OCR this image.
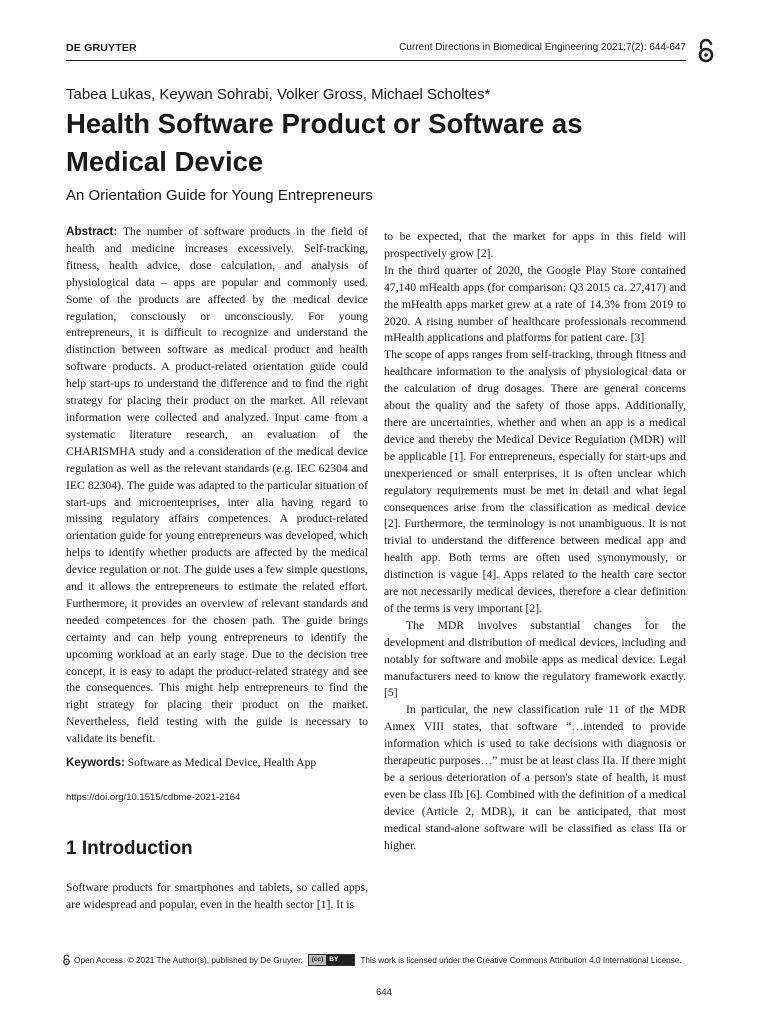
DE GRUYTER	Current Directions in Biomedical Engineering 2021;7(2): 644-647
Tabea Lukas, Keywan Sohrabi, Volker Gross, Michael Scholtes*
Health Software Product or Software as Medical Device
An Orientation Guide for Young Entrepreneurs

Abstract: The number of software products in the field of health and medicine increases excessively. Self-tracking, fitness, health advice, dose calculation, and analysis of physiological data – apps are popular and commonly used. Some of the products are affected by the medical device regulation, consciously or unconsciously. For young entrepreneurs, it is difficult to recognize and understand the distinction between software as medical product and health software products. A product-related orientation guide could help start-ups to understand the difference and to find the right strategy for placing their product on the market. All relevant information were collected and analyzed. Input came from a systematic literature research, an evaluation of the CHARISMHA study and a consideration of the medical device regulation as well as the relevant standards (e.g. IEC 62304 and IEC 82304). The guide was adapted to the particular situation of start-ups and microenterprises, inter alia having regard to missing regulatory affairs competences. A product-related orientation guide for young entrepreneurs was developed, which helps to identify whether products are affected by the medical device regulation or not. The guide uses a few simple questions, and it allows the entrepreneurs to estimate the related effort. Furthermore, it provides an overview of relevant standards and needed competences for the chosen path. The guide brings certainty and can help young entrepreneurs to identify the upcoming workload at an early stage. Due to the decision tree concept, it is easy to adapt the product-related strategy and see the consequences. This might help entrepreneurs to find the right strategy for placing their product on the market. Nevertheless, field testing with the guide is necessary to validate its benefit.

Keywords: Software as Medical Device, Health App
https://doi.org/10.1515/cdbme-2021-2164
1 Introduction

Software products for smartphones and tablets, so called apps, are widespread and popular, even in the health sector [1]. It is

to be expected, that the market for apps in this field will prospectively grow [2].

In the third quarter of 2020, the Google Play Store contained 47,140 mHealth apps (for comparison: Q3 2015 ca. 27,417) and the mHealth apps market grew at a rate of 14.3% from 2019 to 2020. A rising number of healthcare professionals recommend mHealth applications and platforms for patient care. [3]

The scope of apps ranges from self-tracking, through fitness and healthcare information to the analysis of physiological data or the calculation of drug dosages. There are general concerns about the quality and the safety of those apps. Additionally, there are uncertainties, whether and when an app is a medical device and thereby the Medical Device Regulation (MDR) will be applicable [1]. For entrepreneurs, especially for start-ups and unexperienced or small enterprises, it is often unclear which regulatory requirements must be met in detail and what legal consequences arise from the classification as medical device [2]. Furthermore, the terminology is not unambiguous. It is not trivial to understand the difference between medical app and health app. Both terms are often used synonymously, or distinction is vague [4]. Apps related to the health care sector are not necessarily medical devices, therefore a clear definition of the terms is very important [2].

The MDR involves substantial changes for the development and distribution of medical devices, including and notably for software and mobile apps as medical device. Legal manufacturers need to know the regulatory framework exactly. [5]

In particular, the new classification rule 11 of the MDR Annex VIII states, that software “…intended to provide information which is used to take decisions with diagnosis or therapeutic purposes…” must be at least class IIa. If there might be a serious deterioration of a person's state of health, it must even be class IIb [6]. Combined with the definition of a medical device (Article 2, MDR), it can be anticipated, that most medical stand-alone software will be classified as class IIa or higher.

Open Access. © 2021 The Author(s), published by De Gruyter.	(cc) BY	This work is licensed under the Creative Commons Attribution 4.0 International License.
644
